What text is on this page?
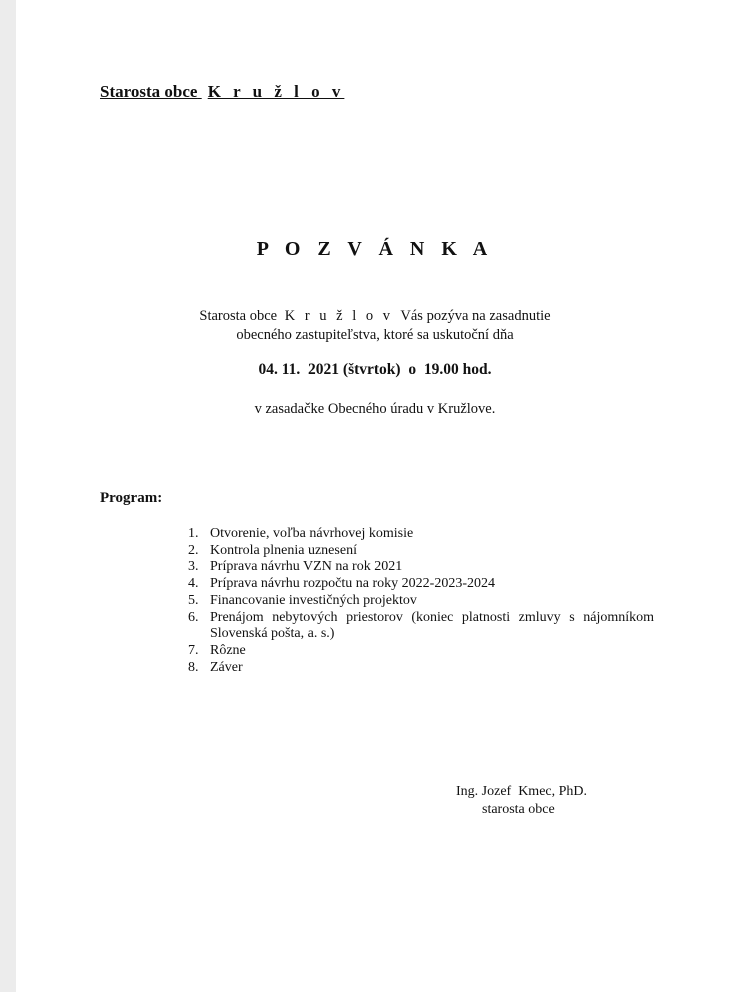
Starosta obce K r u ž l o v
P O Z V Á N K A
Starosta obce K r u ž l o v Vás pozýva na zasadnutie
obecného zastupiteľstva, ktoré sa uskutoční dňa
04. 11.  2021 (štvrtok)  o  19.00 hod.
v zasadačke Obecného úradu v Kružlove.
Program:
1. Otvorenie, voľba návrhovej komisie
2. Kontrola plnenia uznesení
3. Príprava návrhu VZN na rok 2021
4. Príprava návrhu rozpočtu na roky 2022-2023-2024
5. Financovanie investičných projektov
6. Prenájom nebytových priestorov (koniec platnosti zmluvy s nájomníkom
Slovenská pošta, a. s.)
7. Rôzne
8. Záver
Ing. Jozef  Kmec, PhD.
starosta obce
